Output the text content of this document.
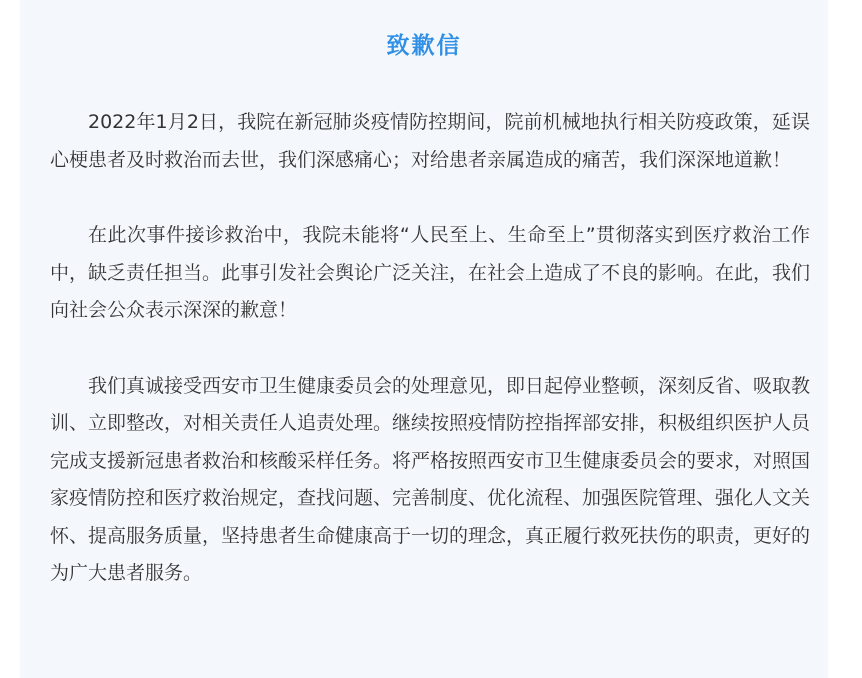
致歉信

2022年1月2日，我院在新冠肺炎疫情防控期间，院前机械地执行相关防疫政策，延误心梗患者及时救治而去世，我们深感痛心；对给患者亲属造成的痛苦，我们深深地道歉！

在此次事件接诊救治中，我院未能将“人民至上、生命至上”贯彻落实到医疗救治工作中，缺乏责任担当。此事引发社会舆论广泛关注，在社会上造成了不良的影响。在此，我们向社会公众表示深深的歉意！

我们真诚接受西安市卫生健康委员会的处理意见，即日起停业整顿，深刻反省、吸取教训、立即整改，对相关责任人追责处理。继续按照疫情防控指挥部安排，积极组织医护人员完成支援新冠患者救治和核酸采样任务。将严格按照西安市卫生健康委员会的要求，对照国家疫情防控和医疗救治规定，查找问题、完善制度、优化流程、加强医院管理、强化人文关怀、提高服务质量，坚持患者生命健康高于一切的理念，真正履行救死扶伤的职责，更好的为广大患者服务。
